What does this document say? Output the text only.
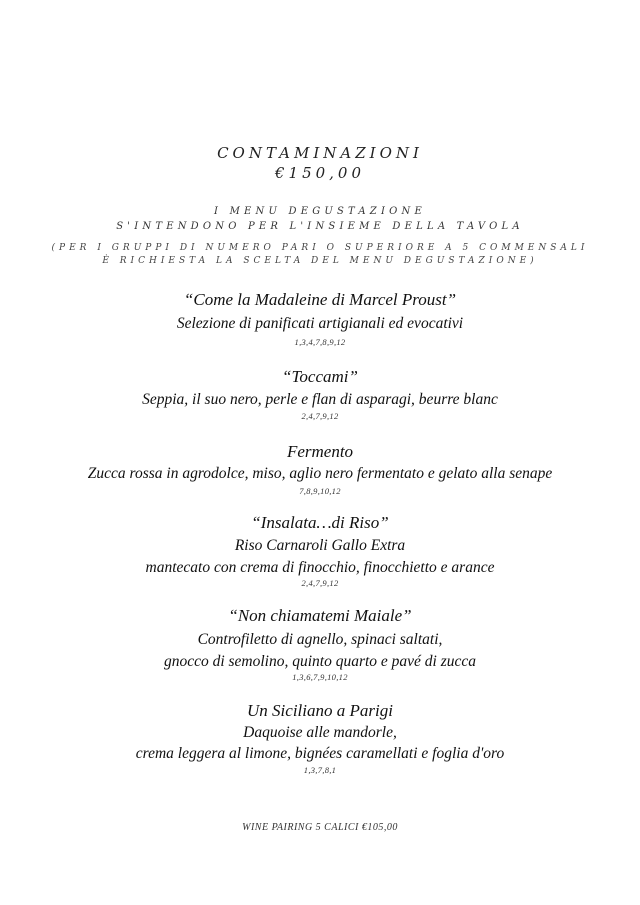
CONTAMINAZIONI
€150,00
I MENU DEGUSTAZIONE
S'INTENDONO PER L'INSIEME DELLA TAVOLA
(PER I GRUPPI DI NUMERO PARI O SUPERIORE A 5 COMMENSALI
È RICHIESTA LA SCELTA DEL MENU DEGUSTAZIONE)
“Come la Madaleine di Marcel Proust”
Selezione di panificati artigianali ed evocativi
1,3,4,7,8,9,12
“Toccami”
Seppia, il suo nero, perle e flan di asparagi, beurre blanc
2,4,7,9,12
Fermento
Zucca rossa in agrodolce, miso, aglio nero fermentato e gelato alla senape
7,8,9,10,12
“Insalata…di Riso”
Riso Carnaroli Gallo Extra
mantecato con crema di finocchio, finocchietto e arance
2,4,7,9,12
“Non chiamatemi Maiale”
Controfiletto di agnello, spinaci saltati,
gnocco di semolino, quinto quarto e pavé di zucca
1,3,6,7,9,10,12
Un Siciliano a Parigi
Daquoise alle mandorle,
crema leggera al limone, bignées caramellati e foglia d'oro
1,3,7,8,1
WINE PAIRING 5 CALICI €105,00
